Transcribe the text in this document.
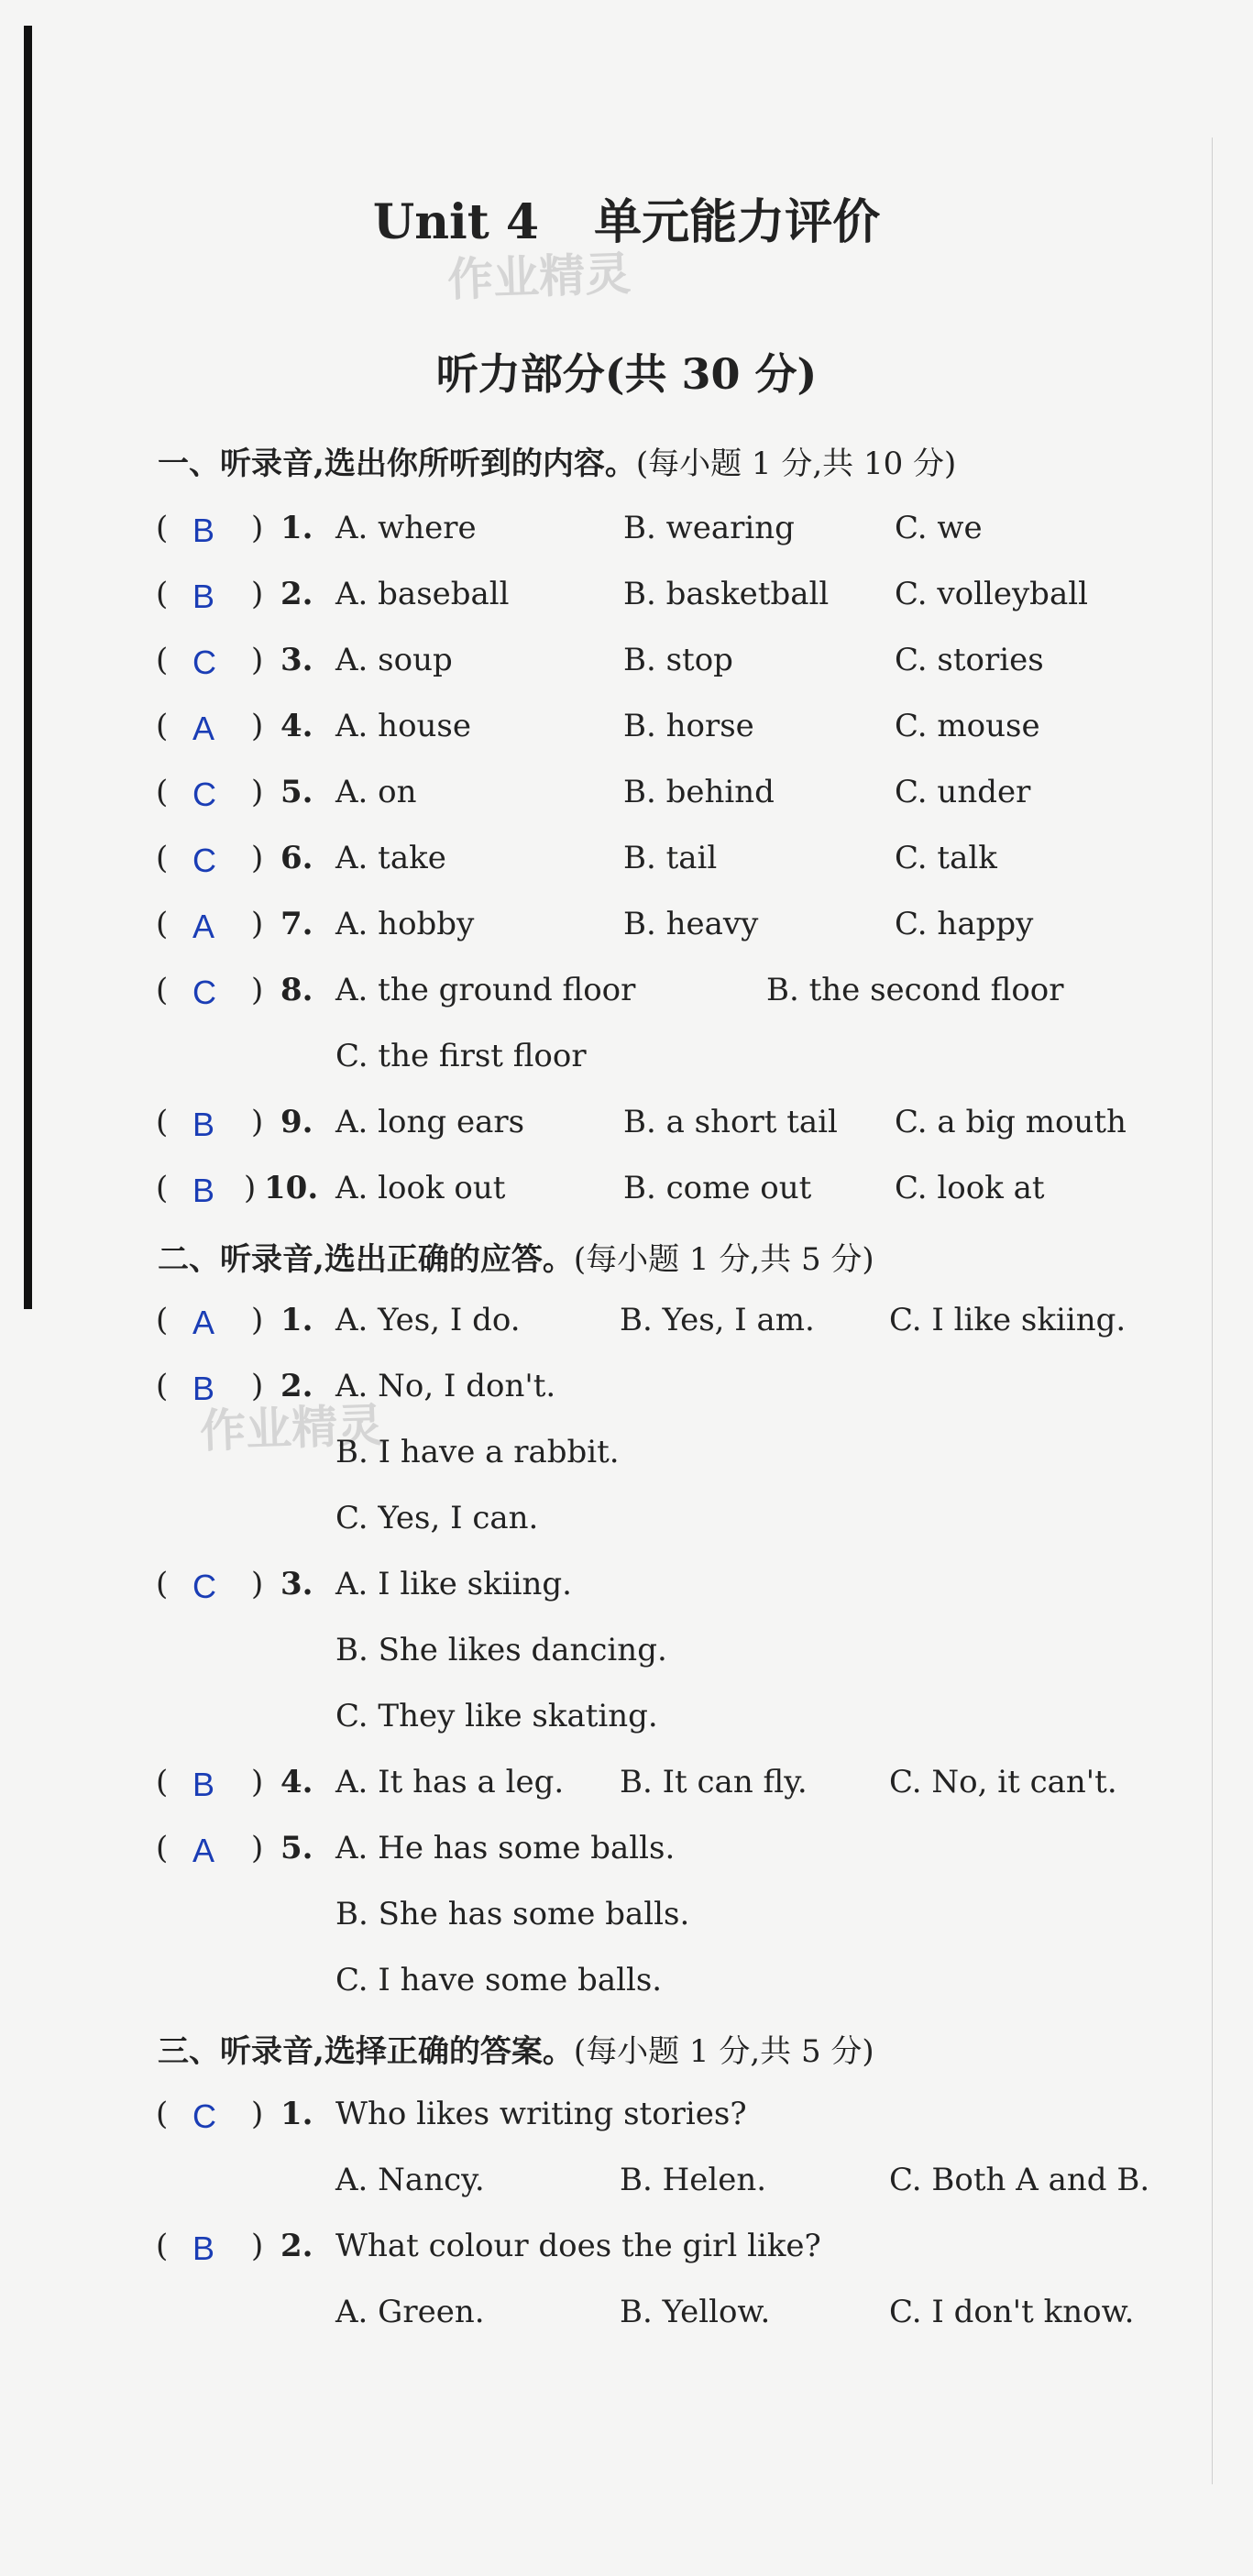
Unit 4 单元能力评价
作业精灵
作业精灵
听力部分(共 30 分)
一、听录音,选出你所听到的内容。(每小题 1 分,共 10 分)
( B ) 1. A. where	B. wearing	C. we
( B ) 2. A. baseball	B. basketball C. volleyball
( C ) 3. A. soup	B. stop	C. stories
( A ) 4. A. house	B. horse	C. mouse
( C ) 5. A. on	B. behind	C. under
( C ) 6. A. take	B. tail	C. talk
( A ) 7. A. hobby	B. heavy	C. happy
( C ) 8. A. the ground floor	B. the second floor
C. the first floor
( B ) 9. A. long ears	B. a short tail C. a big mouth
( B ) 10. A. look out	B. come out	C. look at
二、听录音,选出正确的应答。(每小题 1 分,共 5 分)
( A ) 1. A. Yes, I do.	B. Yes, I am. C. I like skiing.
( B ) 2. A. No, I don't.
B. I have a rabbit.
C. Yes, I can.
( C ) 3. A. I like skiing.
B. She likes dancing.
C. They like skating.
( B ) 4. A. It has a leg. B. It can fly.	C. No, it can't.
( A ) 5. A. He has some balls.
B. She has some balls.
C. I have some balls.
三、听录音,选择正确的答案。(每小题 1 分,共 5 分)
( C ) 1. Who likes writing stories?
A. Nancy.	B. Helen.	C. Both A and B.
( B ) 2. What colour does the girl like?
A. Green.	B. Yellow.	C. I don't know.
